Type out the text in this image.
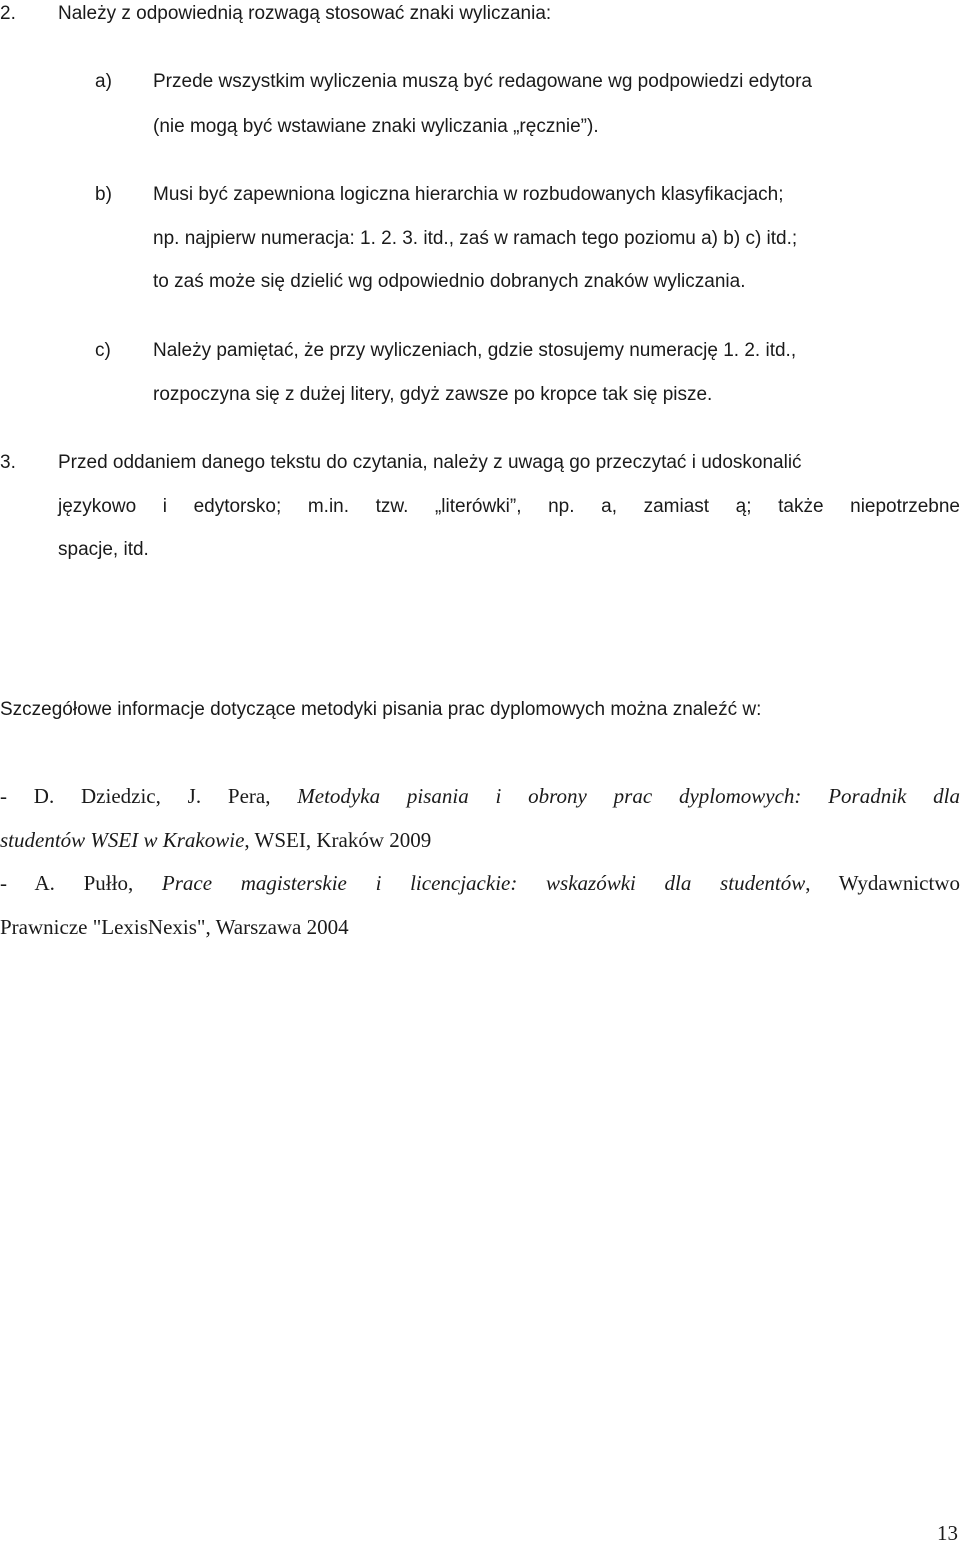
2. Należy z odpowiednią rozwagą stosować znaki wyliczania:
a) Przede wszystkim wyliczenia muszą być redagowane wg podpowiedzi edytora
(nie mogą być wstawiane znaki wyliczania „ręcznie”).
b) Musi być zapewniona logiczna hierarchia w rozbudowanych klasyfikacjach;
np. najpierw numeracja: 1. 2. 3. itd., zaś w ramach tego poziomu a) b) c) itd.;
to zaś może się dzielić wg odpowiednio dobranych znaków wyliczania.
c) Należy pamiętać, że przy wyliczeniach, gdzie stosujemy numerację 1. 2. itd.,
rozpoczyna się z dużej litery, gdyż zawsze po kropce tak się pisze.
3. Przed oddaniem danego tekstu do czytania, należy z uwagą go przeczytać i udoskonalić
językowo i edytorsko; m.in. tzw. „literówki”, np. a, zamiast ą; także niepotrzebne
spacje, itd.
Szczegółowe informacje dotyczące metodyki pisania prac dyplomowych można znaleźć w:
- D. Dziedzic, J. Pera, Metodyka pisania i obrony prac dyplomowych: Poradnik dla
studentów WSEI w Krakowie, WSEI, Kraków 2009
- A. Pułło, Prace magisterskie i licencjackie: wskazówki dla studentów, Wydawnictwo
Prawnicze "LexisNexis", Warszawa 2004
13
